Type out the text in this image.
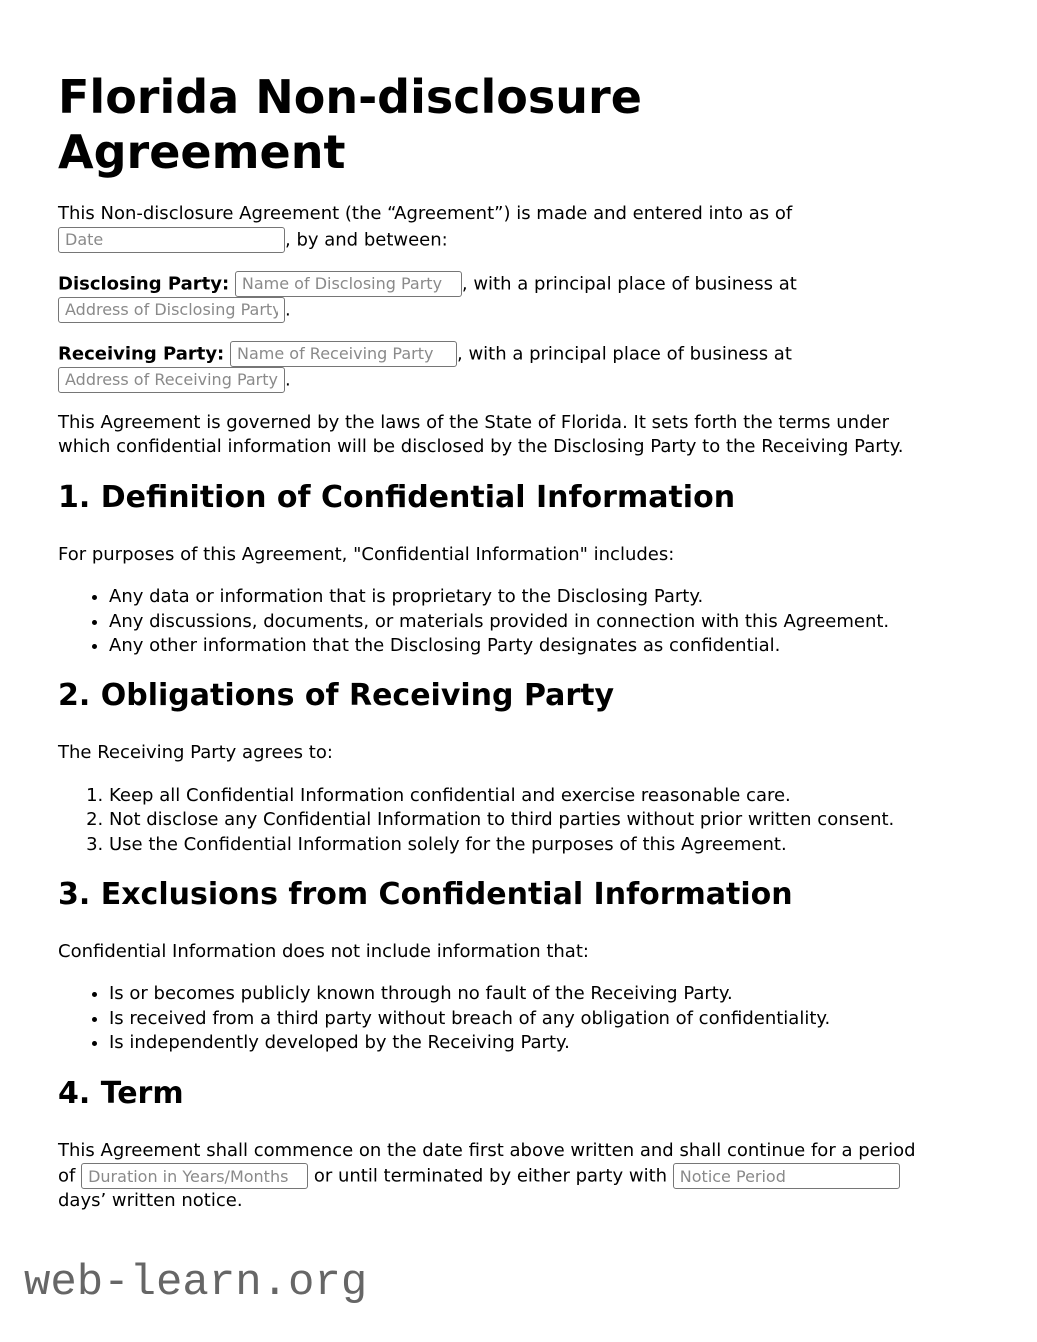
Florida Non-disclosure Agreement

This Non-disclosure Agreement (the “Agreement”) is made and entered into as of Date, by and between:

Disclosing Party: Name of Disclosing Party	, with a principal place of business at Address of Disclosing Party.

Receiving Party: Name of Receiving Party	, with a principal place of business at Address of Receiving Party.

This Agreement is governed by the laws of the State of Florida. It sets forth the terms under which confidential information will be disclosed by the Disclosing Party to the Receiving Party.

1. Definition of Confidential Information

For purposes of this Agreement, "Confidential Information" includes:

• Any data or information that is proprietary to the Disclosing Party.
• Any discussions, documents, or materials provided in connection with this Agreement.
• Any other information that the Disclosing Party designates as confidential.
2. Obligations of Receiving Party

The Receiving Party agrees to:

1. Keep all Confidential Information confidential and exercise reasonable care.
2. Not disclose any Confidential Information to third parties without prior written consent.
3. Use the Confidential Information solely for the purposes of this Agreement.
3. Exclusions from Confidential Information

Confidential Information does not include information that:

• Is or becomes publicly known through no fault of the Receiving Party.
• Is received from a third party without breach of any obligation of confidentiality.
• Is independently developed by the Receiving Party.
4. Term

This Agreement shall commence on the date first above written and shall continue for a period of Duration in Years/Months	or until terminated by either party with Notice Period days’ written notice.

web-learn.org
